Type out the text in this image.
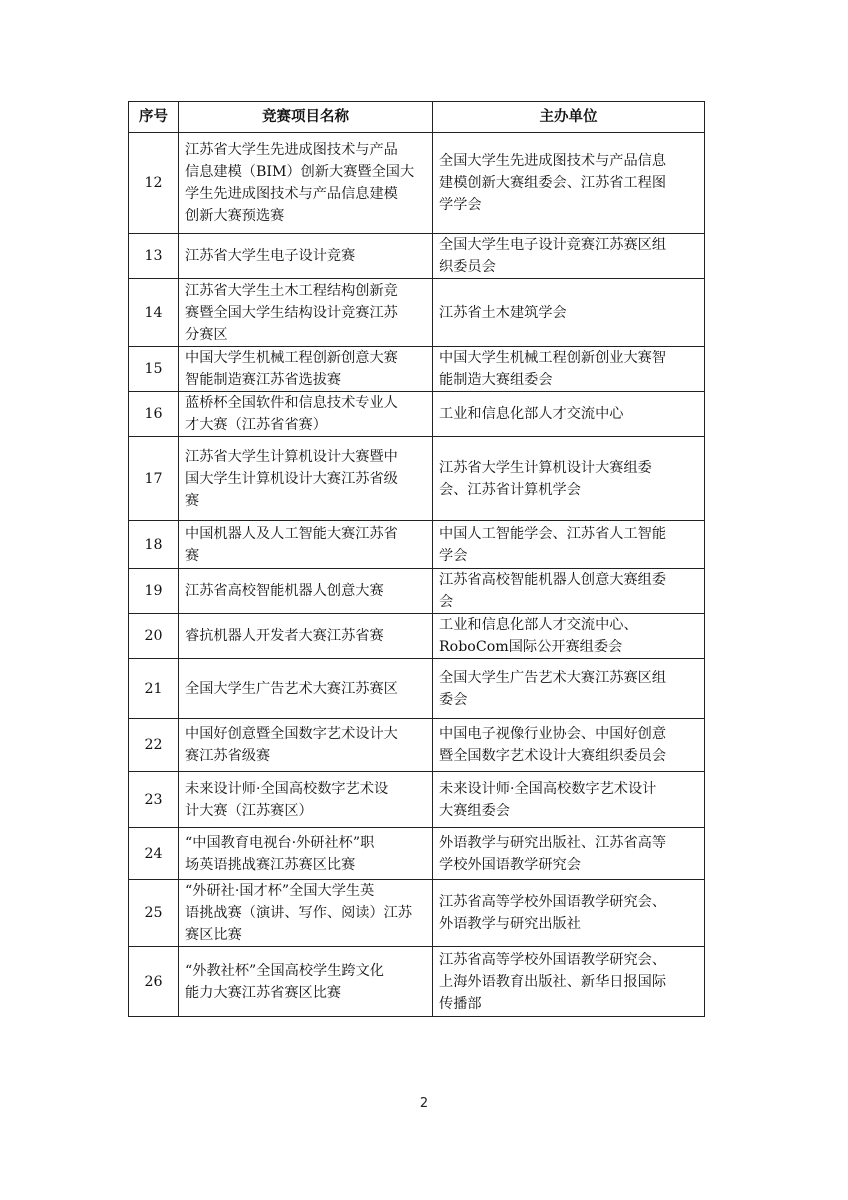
序号	竞赛项目名称	主办单位
12	江苏省大学生先进成图技术与产品
信息建模（BIM）创新大赛暨全国大
学生先进成图技术与产品信息建模
创新大赛预选赛	全国大学生先进成图技术与产品信息
建模创新大赛组委会、江苏省工程图
学学会
13	江苏省大学生电子设计竞赛	全国大学生电子设计竞赛江苏赛区组
织委员会
14	江苏省大学生土木工程结构创新竞
赛暨全国大学生结构设计竞赛江苏
分赛区	江苏省土木建筑学会
15	中国大学生机械工程创新创意大赛
智能制造赛江苏省选拔赛	中国大学生机械工程创新创业大赛智
能制造大赛组委会
16	蓝桥杯全国软件和信息技术专业人
才大赛（江苏省省赛）	工业和信息化部人才交流中心
17	江苏省大学生计算机设计大赛暨中
国大学生计算机设计大赛江苏省级
赛	江苏省大学生计算机设计大赛组委
会、江苏省计算机学会
18	中国机器人及人工智能大赛江苏省
赛	中国人工智能学会、江苏省人工智能
学会
19	江苏省高校智能机器人创意大赛	江苏省高校智能机器人创意大赛组委
会
20	睿抗机器人开发者大赛江苏省赛	工业和信息化部人才交流中心、
RoboCom国际公开赛组委会
21	全国大学生广告艺术大赛江苏赛区	全国大学生广告艺术大赛江苏赛区组
委会
22	中国好创意暨全国数字艺术设计大
赛江苏省级赛	中国电子视像行业协会、中国好创意
暨全国数字艺术设计大赛组织委员会
23	未来设计师·全国高校数字艺术设
计大赛（江苏赛区）	未来设计师·全国高校数字艺术设计
大赛组委会
24	“中国教育电视台·外研社杯”职
场英语挑战赛江苏赛区比赛	外语教学与研究出版社、江苏省高等
学校外国语教学研究会
25	“外研社·国才杯”全国大学生英
语挑战赛（演讲、写作、阅读）江苏
赛区比赛	江苏省高等学校外国语教学研究会、
外语教学与研究出版社
26	“外教社杯”全国高校学生跨文化
能力大赛江苏省赛区比赛	江苏省高等学校外国语教学研究会、
上海外语教育出版社、新华日报国际
传播部
2
